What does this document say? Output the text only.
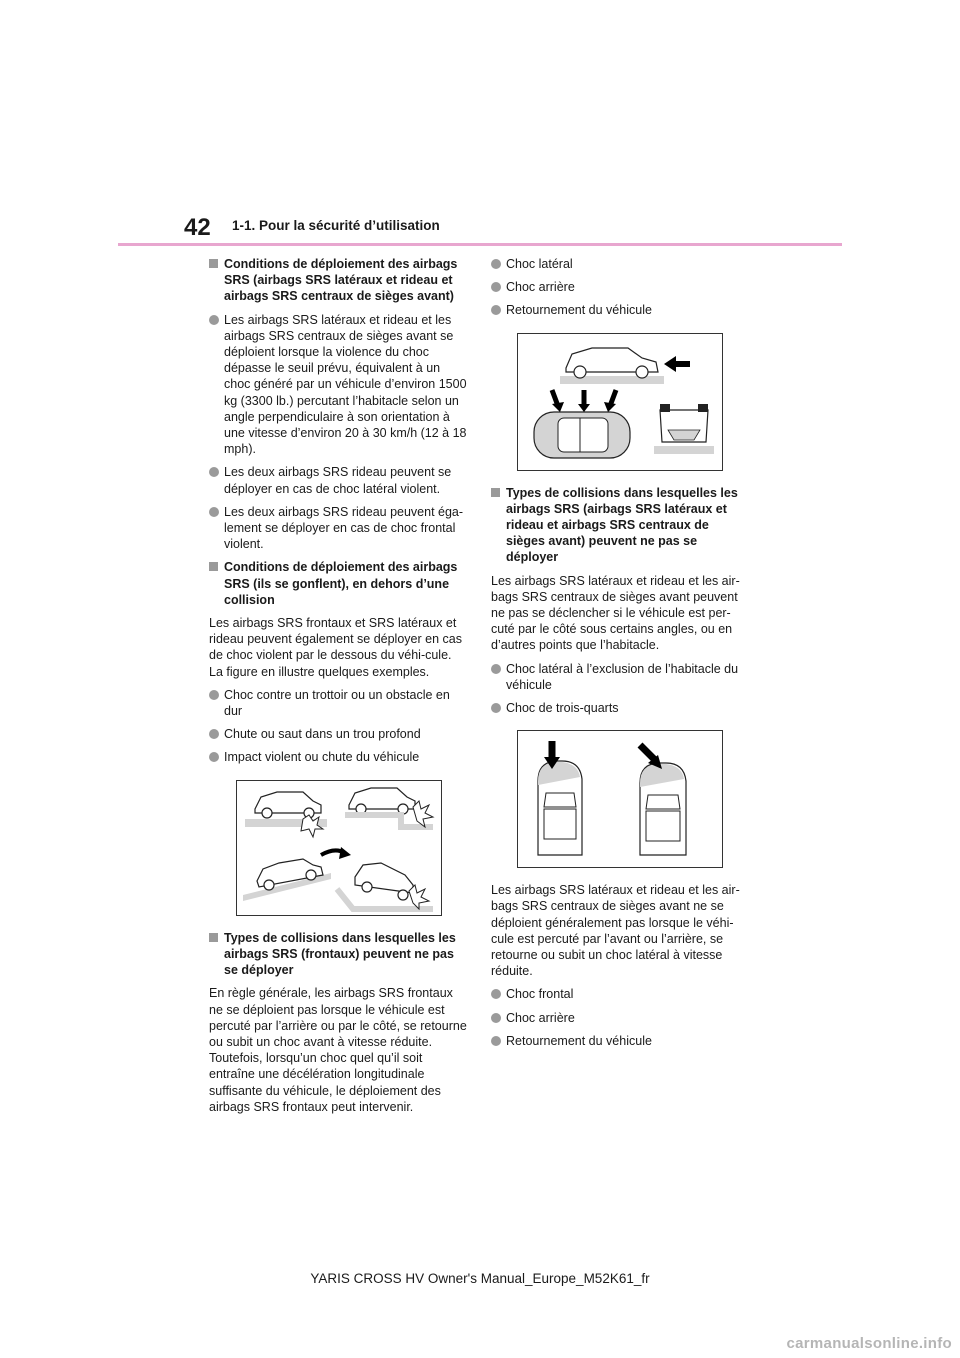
42 1-1. Pour la sécurité d’utilisation
Conditions de déploiement des airbags SRS (airbags SRS latéraux et rideau et airbags SRS centraux de sièges avant)
Les airbags SRS latéraux et rideau et les airbags SRS centraux de sièges avant se déploient lorsque la violence du choc dépasse le seuil prévu, équivalent à un choc généré par un véhicule d’environ 1500 kg (3300 lb.) percutant l’habitacle selon un angle perpendiculaire à son orientation à une vitesse d’environ 20 à 30 km/h (12 à 18 mph).
Les deux airbags SRS rideau peuvent se déployer en cas de choc latéral violent.
Les deux airbags SRS rideau peuvent éga-lement se déployer en cas de choc frontal violent.
Conditions de déploiement des airbags SRS (ils se gonflent), en dehors d’une collision
Les airbags SRS frontaux et SRS latéraux et rideau peuvent également se déployer en cas de choc violent par le dessous du véhi-cule. La figure en illustre quelques exemples.
Choc contre un trottoir ou un obstacle en dur
Chute ou saut dans un trou profond
Impact violent ou chute du véhicule
Types de collisions dans lesquelles les airbags SRS (frontaux) peuvent ne pas se déployer
En règle générale, les airbags SRS frontaux ne se déploient pas lorsque le véhicule est percuté par l’arrière ou par le côté, se retourne ou subit un choc avant à vitesse réduite. Toutefois, lorsqu’un choc quel qu’il soit entraîne une décélération longitudinale suffisante du véhicule, le déploiement des airbags SRS frontaux peut intervenir.
Choc latéral
Choc arrière
Retournement du véhicule
Types de collisions dans lesquelles les airbags SRS (airbags SRS latéraux et rideau et airbags SRS centraux de sièges avant) peuvent ne pas se déployer
Les airbags SRS latéraux et rideau et les air-bags SRS centraux de sièges avant peuvent ne pas se déclencher si le véhicule est per-cuté par le côté sous certains angles, ou en d’autres points que l’habitacle.
Choc latéral à l’exclusion de l’habitacle du véhicule
Choc de trois-quarts
Les airbags SRS latéraux et rideau et les air-bags SRS centraux de sièges avant ne se déploient généralement pas lorsque le véhi-cule est percuté par l’avant ou l’arrière, se retourne ou subit un choc latéral à vitesse réduite.
Choc frontal
Choc arrière
Retournement du véhicule
YARIS CROSS HV Owner's Manual_Europe_M52K61_fr
carmanualsonline.info
